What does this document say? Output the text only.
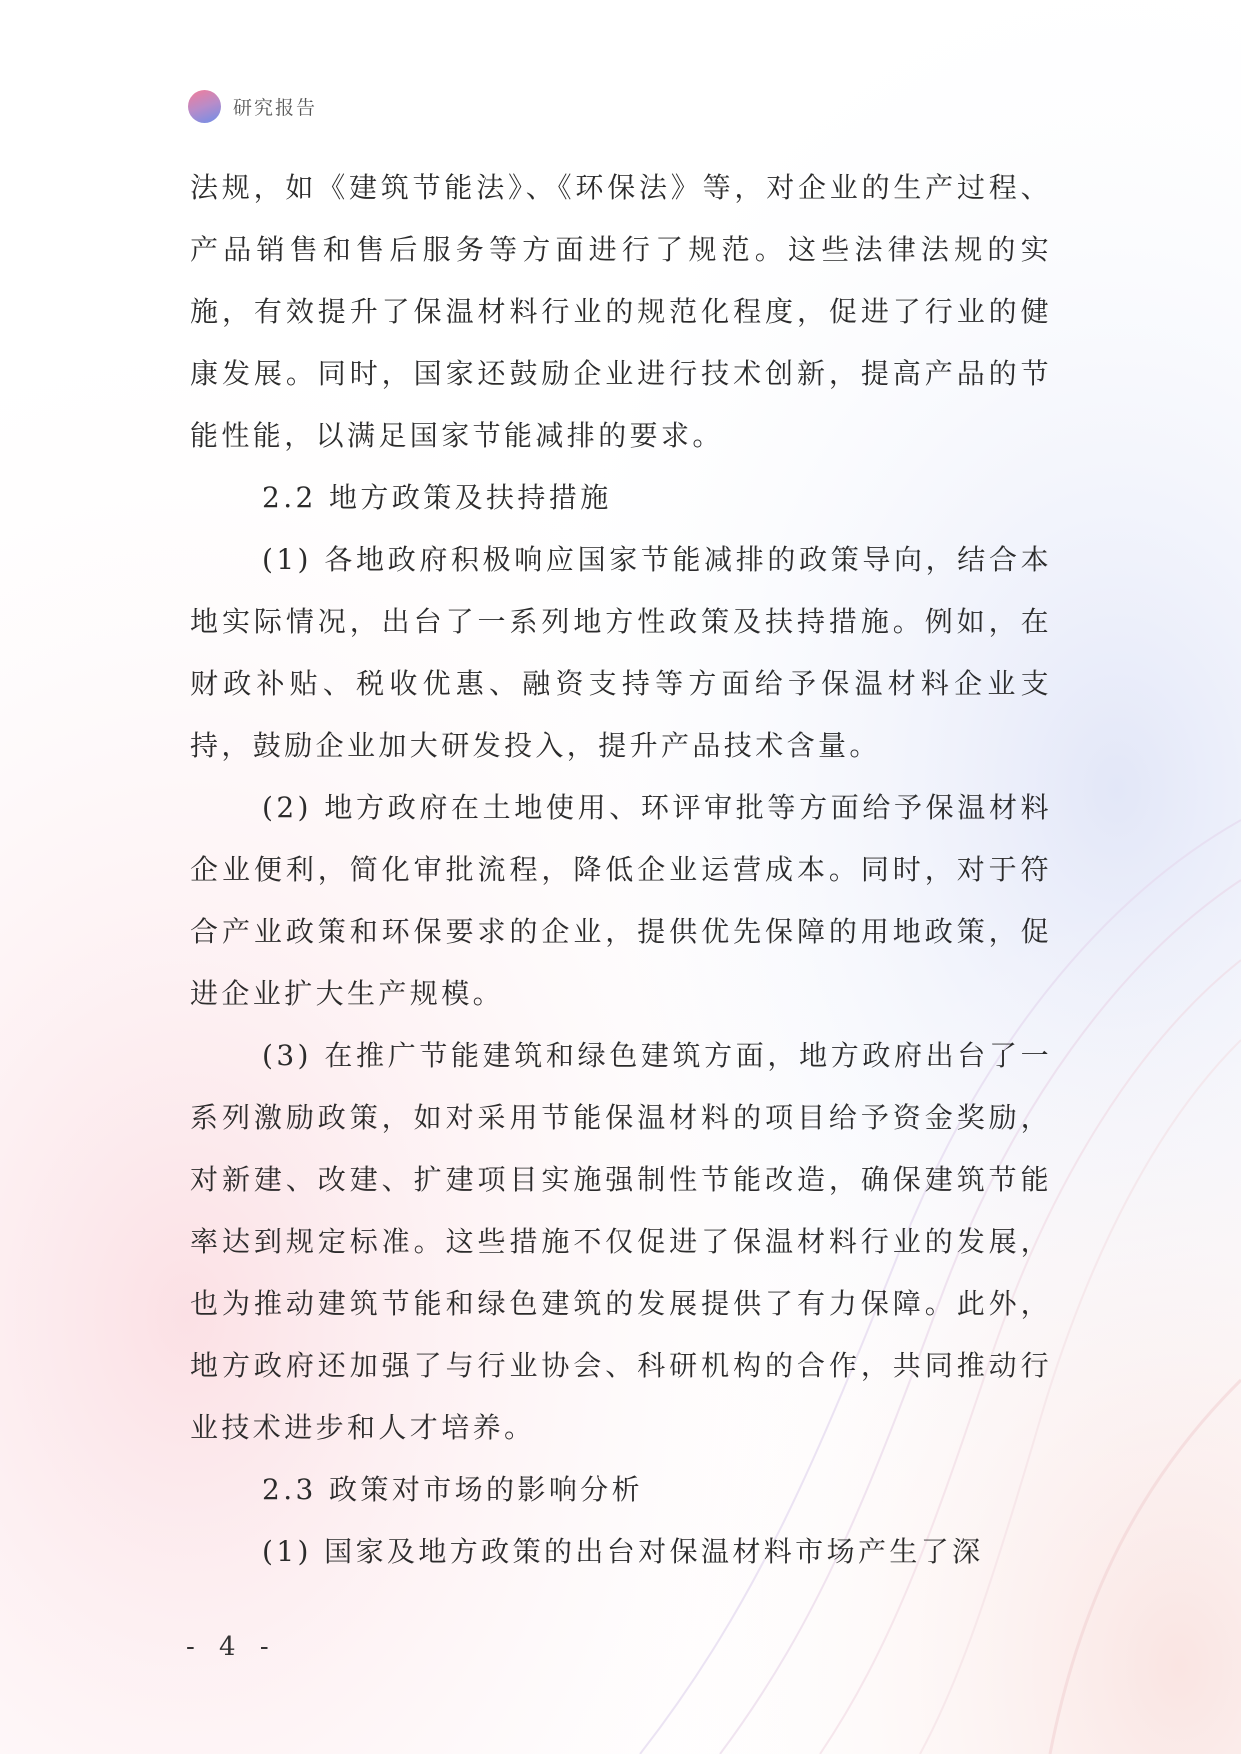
研究报告

法规，如《建筑节能法》、《环保法》等，对企业的生产过程、产品销售和售后服务等方面进行了规范。这些法律法规的实施，有效提升了保温材料行业的规范化程度，促进了行业的健康发展。同时，国家还鼓励企业进行技术创新，提高产品的节能性能，以满足国家节能减排的要求。

2.2 地方政策及扶持措施

(1) 各地政府积极响应国家节能减排的政策导向，结合本地实际情况，出台了一系列地方性政策及扶持措施。例如，在财政补贴、税收优惠、融资支持等方面给予保温材料企业支持，鼓励企业加大研发投入，提升产品技术含量。

(2) 地方政府在土地使用、环评审批等方面给予保温材料企业便利，简化审批流程，降低企业运营成本。同时，对于符合产业政策和环保要求的企业，提供优先保障的用地政策，促进企业扩大生产规模。

(3) 在推广节能建筑和绿色建筑方面，地方政府出台了一系列激励政策，如对采用节能保温材料的项目给予资金奖励，对新建、改建、扩建项目实施强制性节能改造，确保建筑节能率达到规定标准。这些措施不仅促进了保温材料行业的发展，也为推动建筑节能和绿色建筑的发展提供了有力保障。此外，地方政府还加强了与行业协会、科研机构的合作，共同推动行业技术进步和人才培养。

2.3 政策对市场的影响分析

(1) 国家及地方政策的出台对保温材料市场产生了深

- 4 -
